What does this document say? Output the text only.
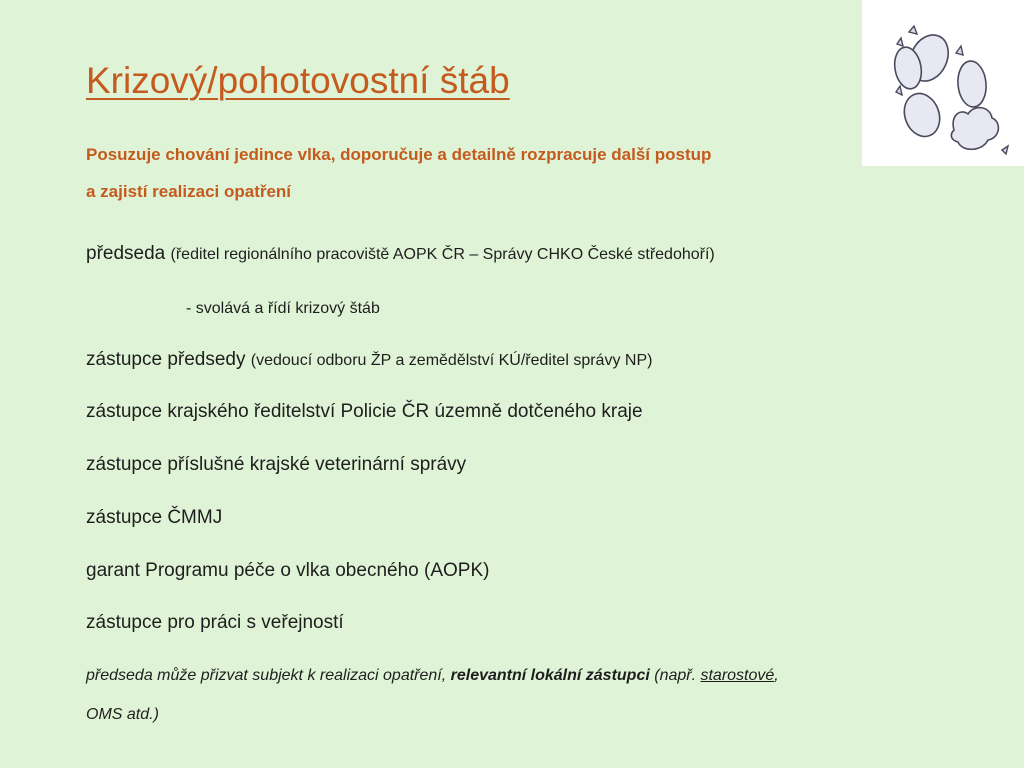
Krizový/pohotovostní štáb
Posuzuje chování jedince vlka, doporučuje a detailně rozpracuje další postup
a zajistí realizaci opatření
předseda (ředitel regionálního pracoviště AOPK ČR – Správy CHKO České středohoří)
- svolává a řídí krizový štáb
zástupce předsedy (vedoucí odboru ŽP a zemědělství KÚ/ředitel správy NP)
zástupce krajského ředitelství Policie ČR územně dotčeného kraje
zástupce příslušné krajské veterinární správy
zástupce ČMMJ
garant Programu péče o vlka obecného (AOPK)
zástupce pro práci s veřejností
předseda může přizvat subjekt k realizaci opatření, relevantní lokální zástupci (např. starostové,
OMS atd.)
